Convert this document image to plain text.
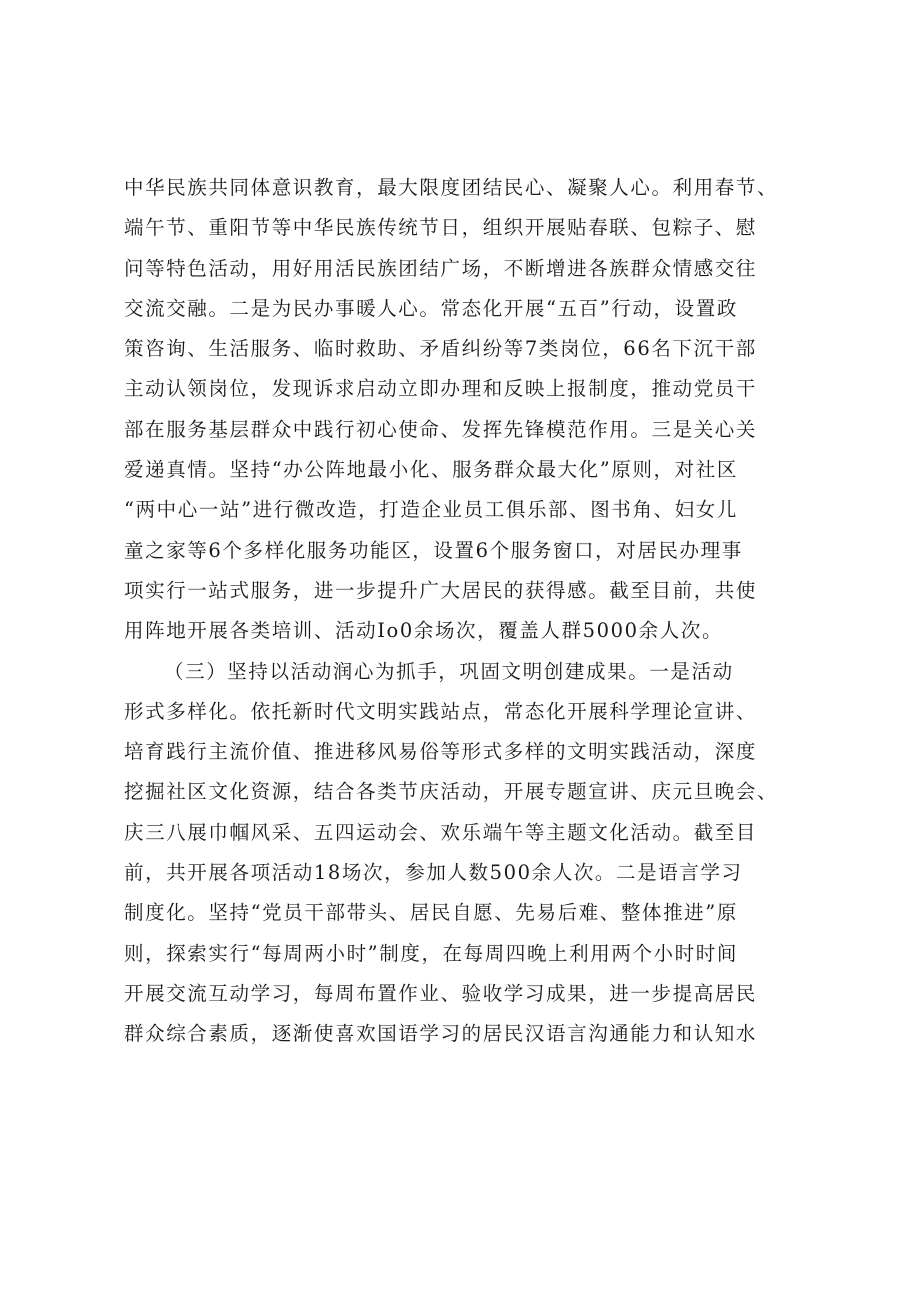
中华民族共同体意识教育，最大限度团结民心、凝聚人心。利用春节、
端午节、重阳节等中华民族传统节日，组织开展贴春联、包粽子、慰
问等特色活动，用好用活民族团结广场，不断增进各族群众情感交往
交流交融。二是为民办事暖人心。常态化开展“五百”行动，设置政
策咨询、生活服务、临时救助、矛盾纠纷等7类岗位，66名下沉干部
主动认领岗位，发现诉求启动立即办理和反映上报制度，推动党员干
部在服务基层群众中践行初心使命、发挥先锋模范作用。三是关心关
爱递真情。坚持“办公阵地最小化、服务群众最大化”原则，对社区
“两中心一站”进行微改造，打造企业员工俱乐部、图书角、妇女儿
童之家等6个多样化服务功能区，设置6个服务窗口，对居民办理事
项实行一站式服务，进一步提升广大居民的获得感。截至目前，共使
用阵地开展各类培训、活动Io0余场次，覆盖人群5000余人次。
（三）坚持以活动润心为抓手，巩固文明创建成果。一是活动
形式多样化。依托新时代文明实践站点，常态化开展科学理论宣讲、
培育践行主流价值、推进移风易俗等形式多样的文明实践活动，深度
挖掘社区文化资源，结合各类节庆活动，开展专题宣讲、庆元旦晚会、
庆三八展巾帼风采、五四运动会、欢乐端午等主题文化活动。截至目
前，共开展各项活动18场次，参加人数500余人次。二是语言学习
制度化。坚持“党员干部带头、居民自愿、先易后难、整体推进”原
则，探索实行“每周两小时”制度，在每周四晚上利用两个小时时间
开展交流互动学习，每周布置作业、验收学习成果，进一步提高居民
群众综合素质，逐渐使喜欢国语学习的居民汉语言沟通能力和认知水
